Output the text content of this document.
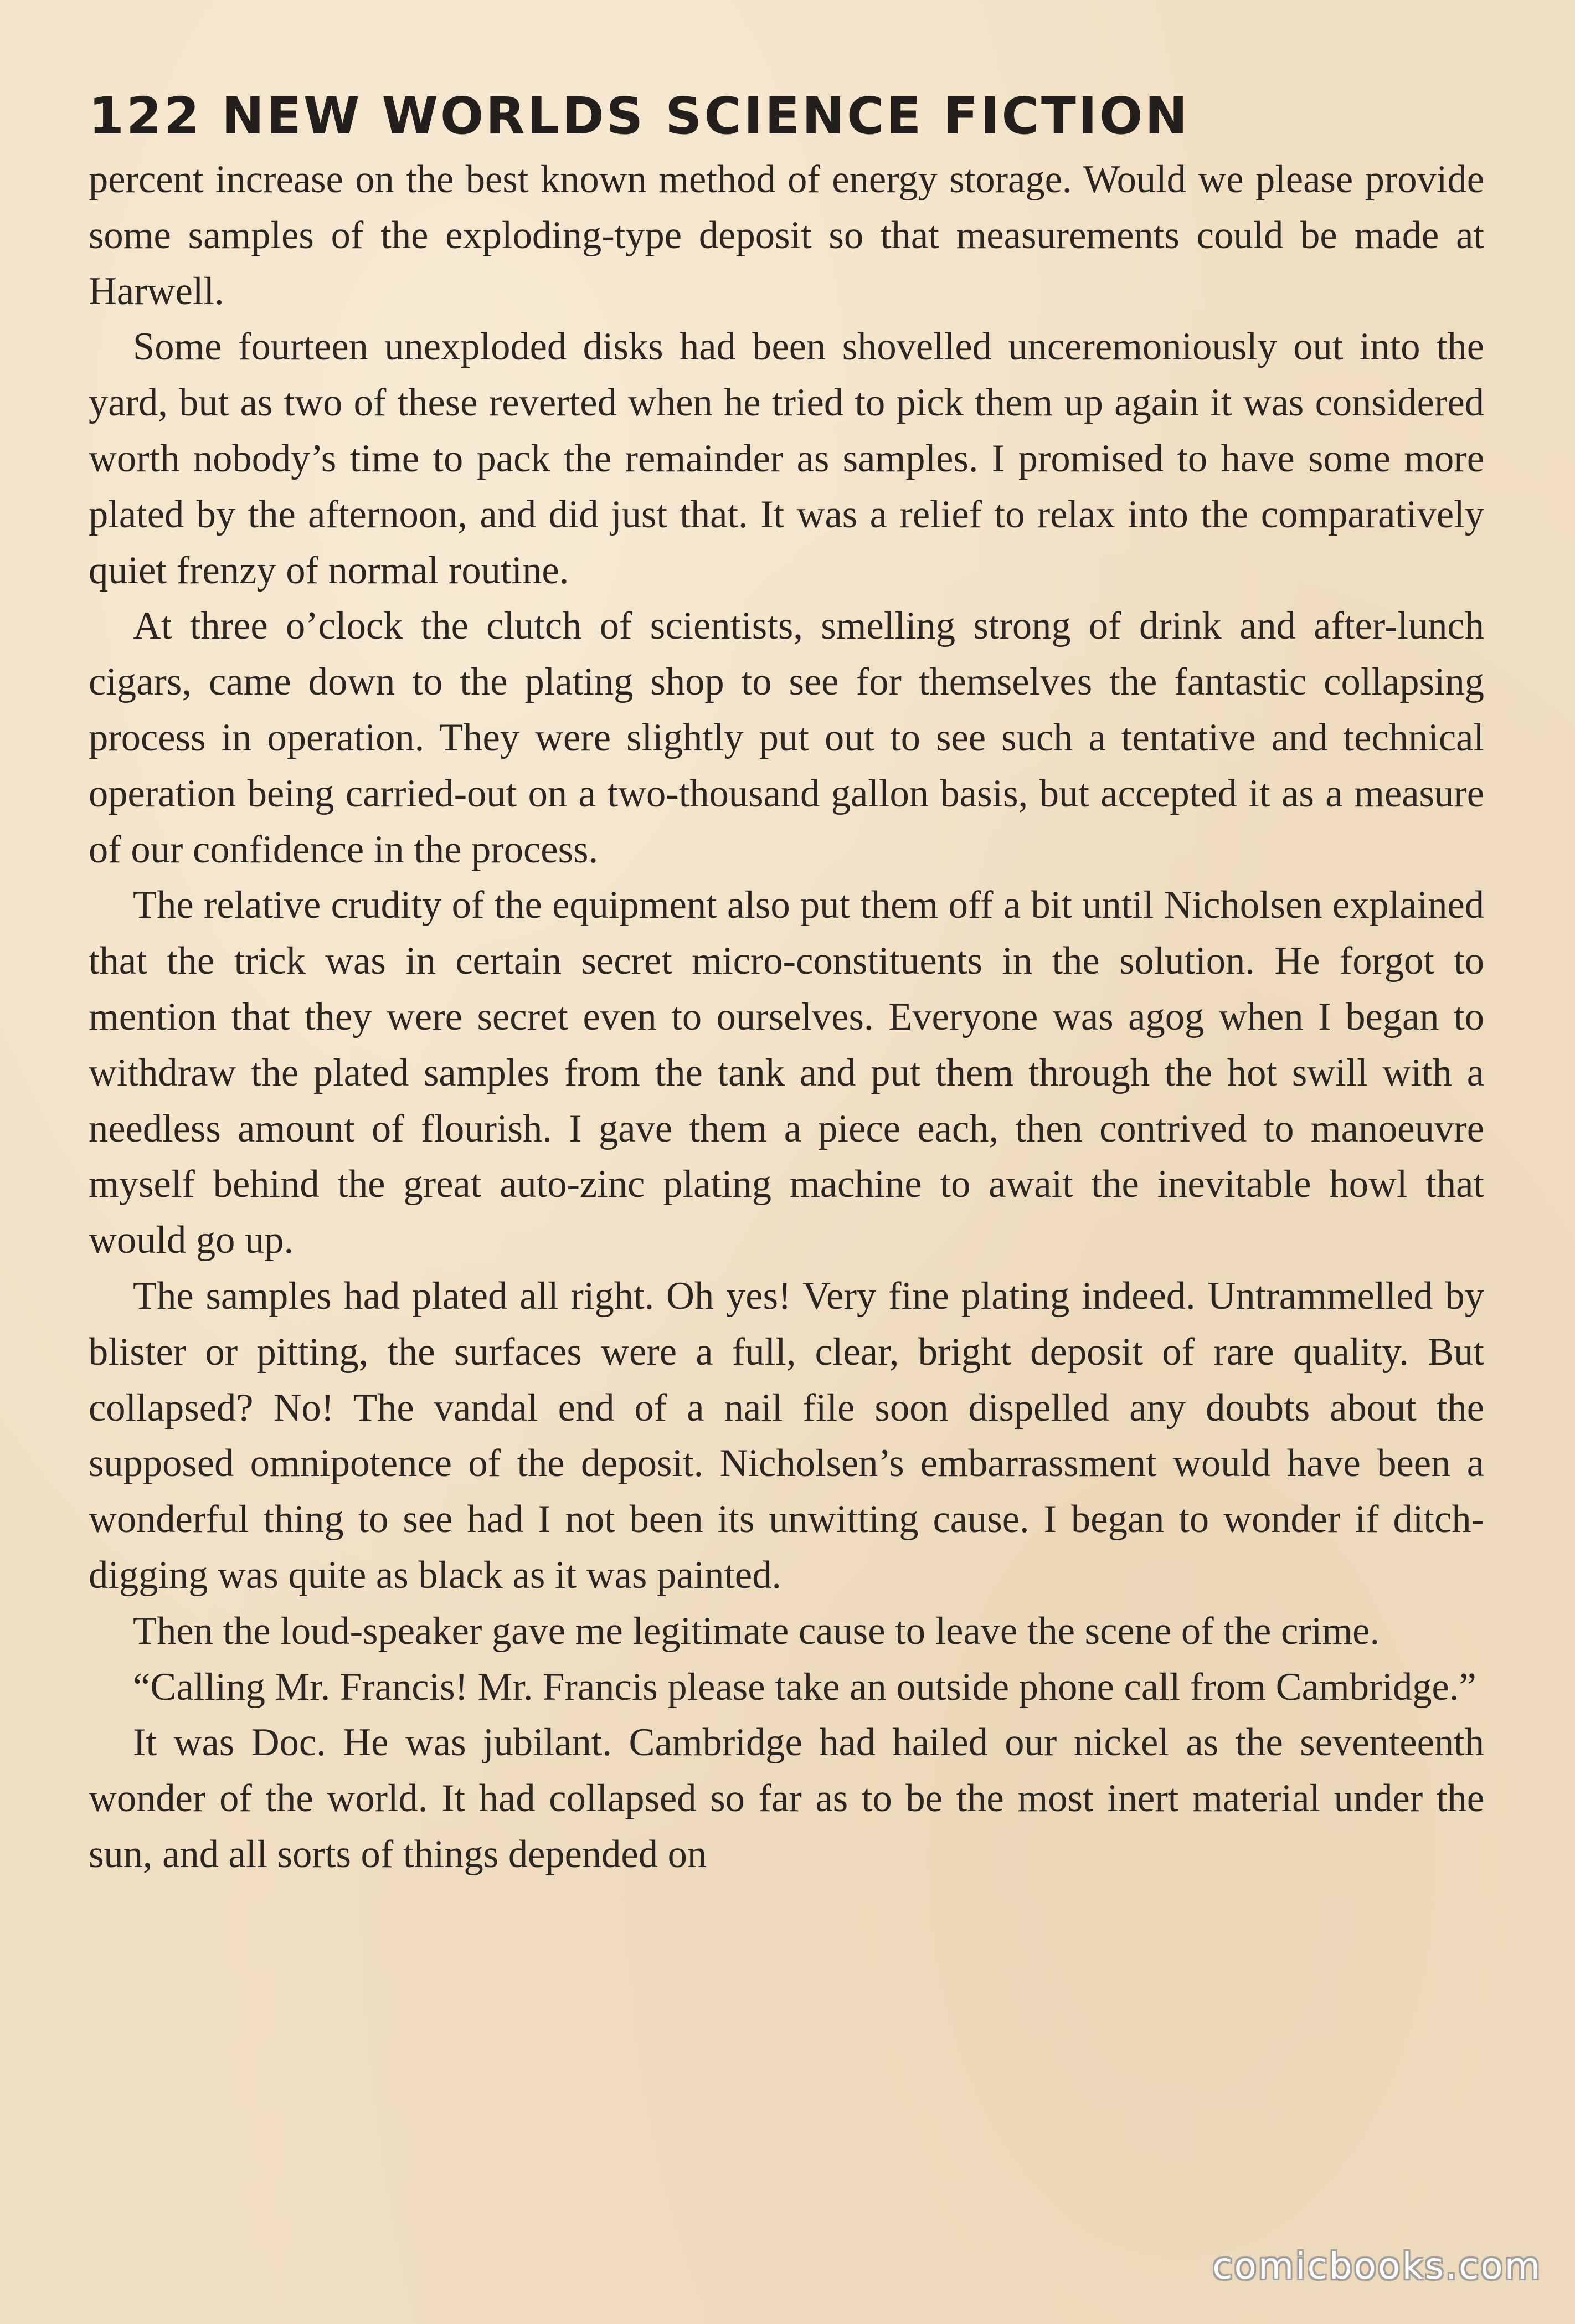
122 NEW WORLDS SCIENCE FICTION

percent increase on the best known method of energy storage. Would we please provide some samples of the exploding-type deposit so that measurements could be made at Harwell.

Some fourteen unexploded disks had been shovelled unceremoniously out into the yard, but as two of these reverted when he tried to pick them up again it was considered worth nobody’s time to pack the remainder as samples. I promised to have some more plated by the afternoon, and did just that. It was a relief to relax into the comparatively quiet frenzy of normal routine.

At three o’clock the clutch of scientists, smelling strong of drink and after-lunch cigars, came down to the plating shop to see for themselves the fantastic collapsing process in operation. They were slightly put out to see such a tentative and technical operation being carried-out on a two-thousand gallon basis, but accepted it as a measure of our confidence in the process.

The relative crudity of the equipment also put them off a bit until Nicholsen explained that the trick was in certain secret micro-constituents in the solution. He forgot to mention that they were secret even to ourselves. Everyone was agog when I began to withdraw the plated samples from the tank and put them through the hot swill with a needless amount of flourish. I gave them a piece each, then contrived to manoeuvre myself behind the great auto-zinc plating machine to await the inevitable howl that would go up.

The samples had plated all right. Oh yes! Very fine plating indeed. Untrammelled by blister or pitting, the surfaces were a full, clear, bright deposit of rare quality. But collapsed? No! The vandal end of a nail file soon dispelled any doubts about the supposed omnipotence of the deposit. Nicholsen’s embarrassment would have been a wonderful thing to see had I not been its unwitting cause. I began to wonder if ditch-digging was quite as black as it was painted.

Then the loud-speaker gave me legitimate cause to leave the scene of the crime.

“Calling Mr. Francis! Mr. Francis please take an outside phone call from Cambridge.”

It was Doc. He was jubilant. Cambridge had hailed our nickel as the seventeenth wonder of the world. It had collapsed so far as to be the most inert material under the sun, and all sorts of things depended on

comicbooks.com
